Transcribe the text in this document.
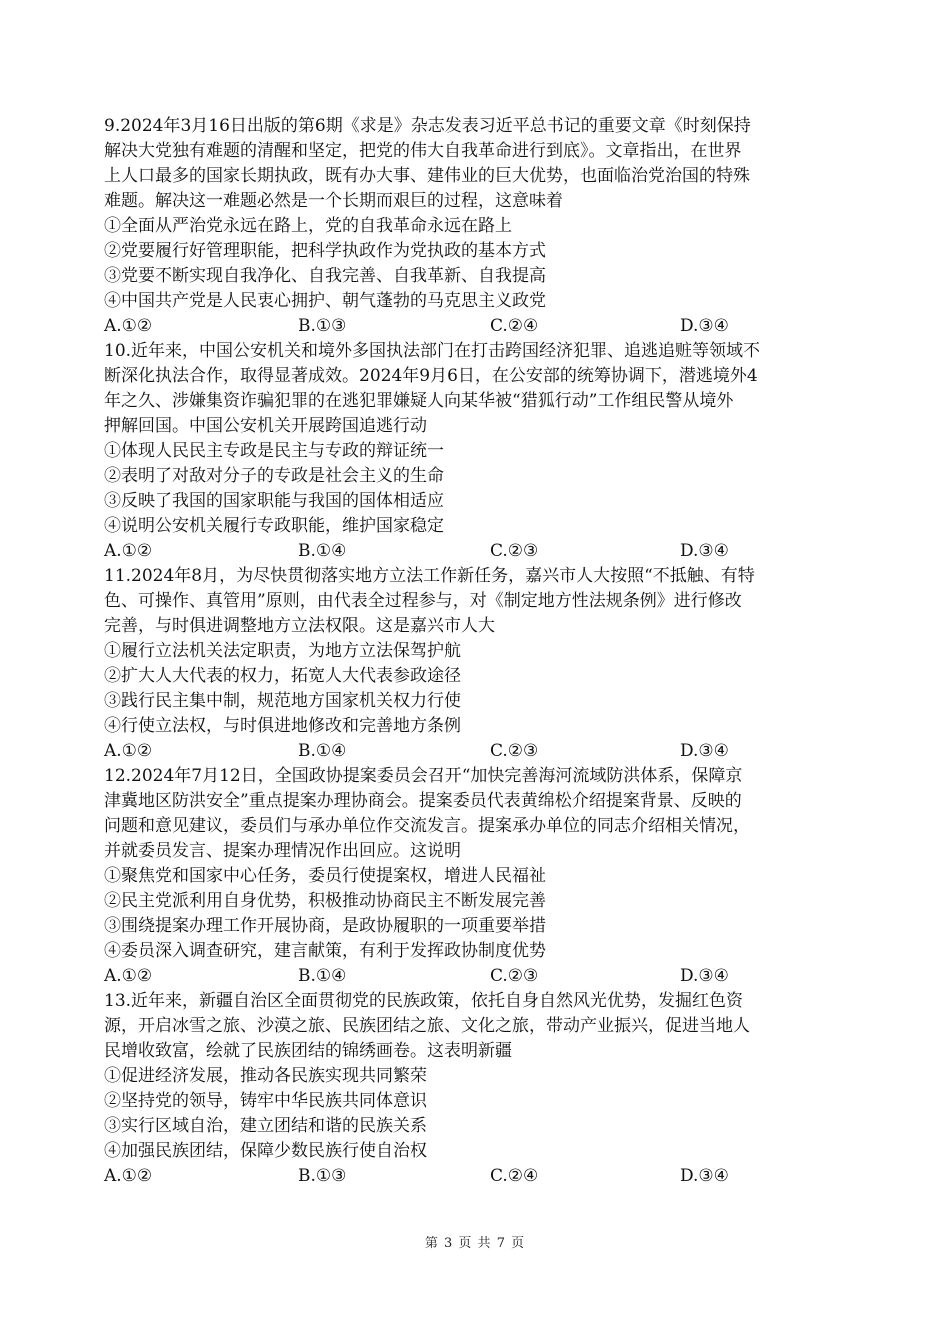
9.2024年3月16日出版的第6期《求是》杂志发表习近平总书记的重要文章《时刻保持
解决大党独有难题的清醒和坚定，把党的伟大自我革命进行到底》。文章指出，在世界
上人口最多的国家长期执政，既有办大事、建伟业的巨大优势，也面临治党治国的特殊
难题。解决这一难题必然是一个长期而艰巨的过程，这意味着
①全面从严治党永远在路上，党的自我革命永远在路上
②党要履行好管理职能，把科学执政作为党执政的基本方式
③党要不断实现自我净化、自我完善、自我革新、自我提高
④中国共产党是人民衷心拥护、朝气蓬勃的马克思主义政党
A.①②	B.①③	C.②④	D.③④
10.近年来，中国公安机关和境外多国执法部门在打击跨国经济犯罪、追逃追赃等领域不
断深化执法合作，取得显著成效。2024年9月6日，在公安部的统筹协调下，潜逃境外4
年之久、涉嫌集资诈骗犯罪的在逃犯罪嫌疑人向某华被“猎狐行动”工作组民警从境外
押解回国。中国公安机关开展跨国追逃行动
①体现人民民主专政是民主与专政的辩证统一
②表明了对敌对分子的专政是社会主义的生命
③反映了我国的国家职能与我国的国体相适应
④说明公安机关履行专政职能，维护国家稳定
A.①②	B.①④	C.②③	D.③④
11.2024年8月，为尽快贯彻落实地方立法工作新任务，嘉兴市人大按照“不抵触、有特
色、可操作、真管用”原则，由代表全过程参与，对《制定地方性法规条例》进行修改
完善，与时俱进调整地方立法权限。这是嘉兴市人大
①履行立法机关法定职责，为地方立法保驾护航
②扩大人大代表的权力，拓宽人大代表参政途径
③践行民主集中制，规范地方国家机关权力行使
④行使立法权，与时俱进地修改和完善地方条例
A.①②	B.①④	C.②③	D.③④
12.2024年7月12日，全国政协提案委员会召开“加快完善海河流域防洪体系，保障京
津冀地区防洪安全”重点提案办理协商会。提案委员代表黄绵松介绍提案背景、反映的
问题和意见建议，委员们与承办单位作交流发言。提案承办单位的同志介绍相关情况，
并就委员发言、提案办理情况作出回应。这说明
①聚焦党和国家中心任务，委员行使提案权，增进人民福祉
②民主党派利用自身优势，积极推动协商民主不断发展完善
③围绕提案办理工作开展协商，是政协履职的一项重要举措
④委员深入调查研究，建言献策，有利于发挥政协制度优势
A.①②	B.①④	C.②③	D.③④
13.近年来，新疆自治区全面贯彻党的民族政策，依托自身自然风光优势，发掘红色资
源，开启冰雪之旅、沙漠之旅、民族团结之旅、文化之旅，带动产业振兴，促进当地人
民增收致富，绘就了民族团结的锦绣画卷。这表明新疆
①促进经济发展，推动各民族实现共同繁荣
②坚持党的领导，铸牢中华民族共同体意识
③实行区域自治，建立团结和谐的民族关系
④加强民族团结，保障少数民族行使自治权
A.①②	B.①③	C.②④	D.③④
第 3 页 共 7 页
